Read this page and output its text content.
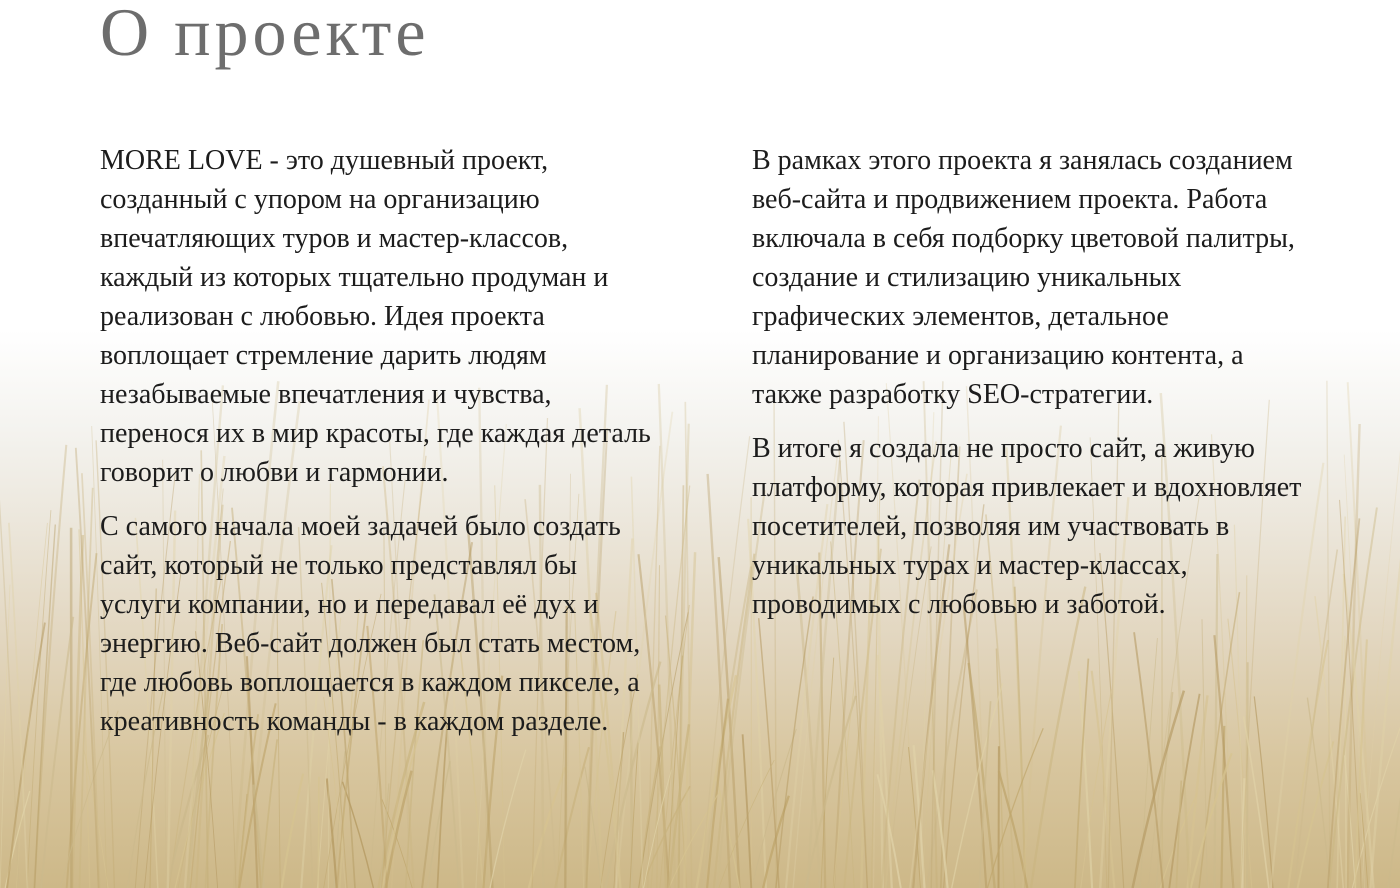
О проекте

MORE LOVE - это душевный проект, созданный с упором на организацию впечатляющих туров и мастер-классов, каждый из которых тщательно продуман и реализован с любовью. Идея проекта воплощает стремление дарить людям незабываемые впечатления и чувства, перенося их в мир красоты, где каждая деталь говорит о любви и гармонии.

С самого начала моей задачей было создать сайт, который не только представлял бы услуги компании, но и передавал её дух и энергию. Веб-сайт должен был стать местом, где любовь воплощается в каждом пикселе, а креативность команды - в каждом разделе.

В рамках этого проекта я занялась созданием веб-сайта и продвижением проекта. Работа включала в себя подборку цветовой палитры, создание и стилизацию уникальных графических элементов, детальное планирование и организацию контента, а также разработку SEO-стратегии.

В итоге я создала не просто сайт, а живую платформу, которая привлекает и вдохновляет посетителей, позволяя им участвовать в уникальных турах и мастер-классах, проводимых с любовью и заботой.
